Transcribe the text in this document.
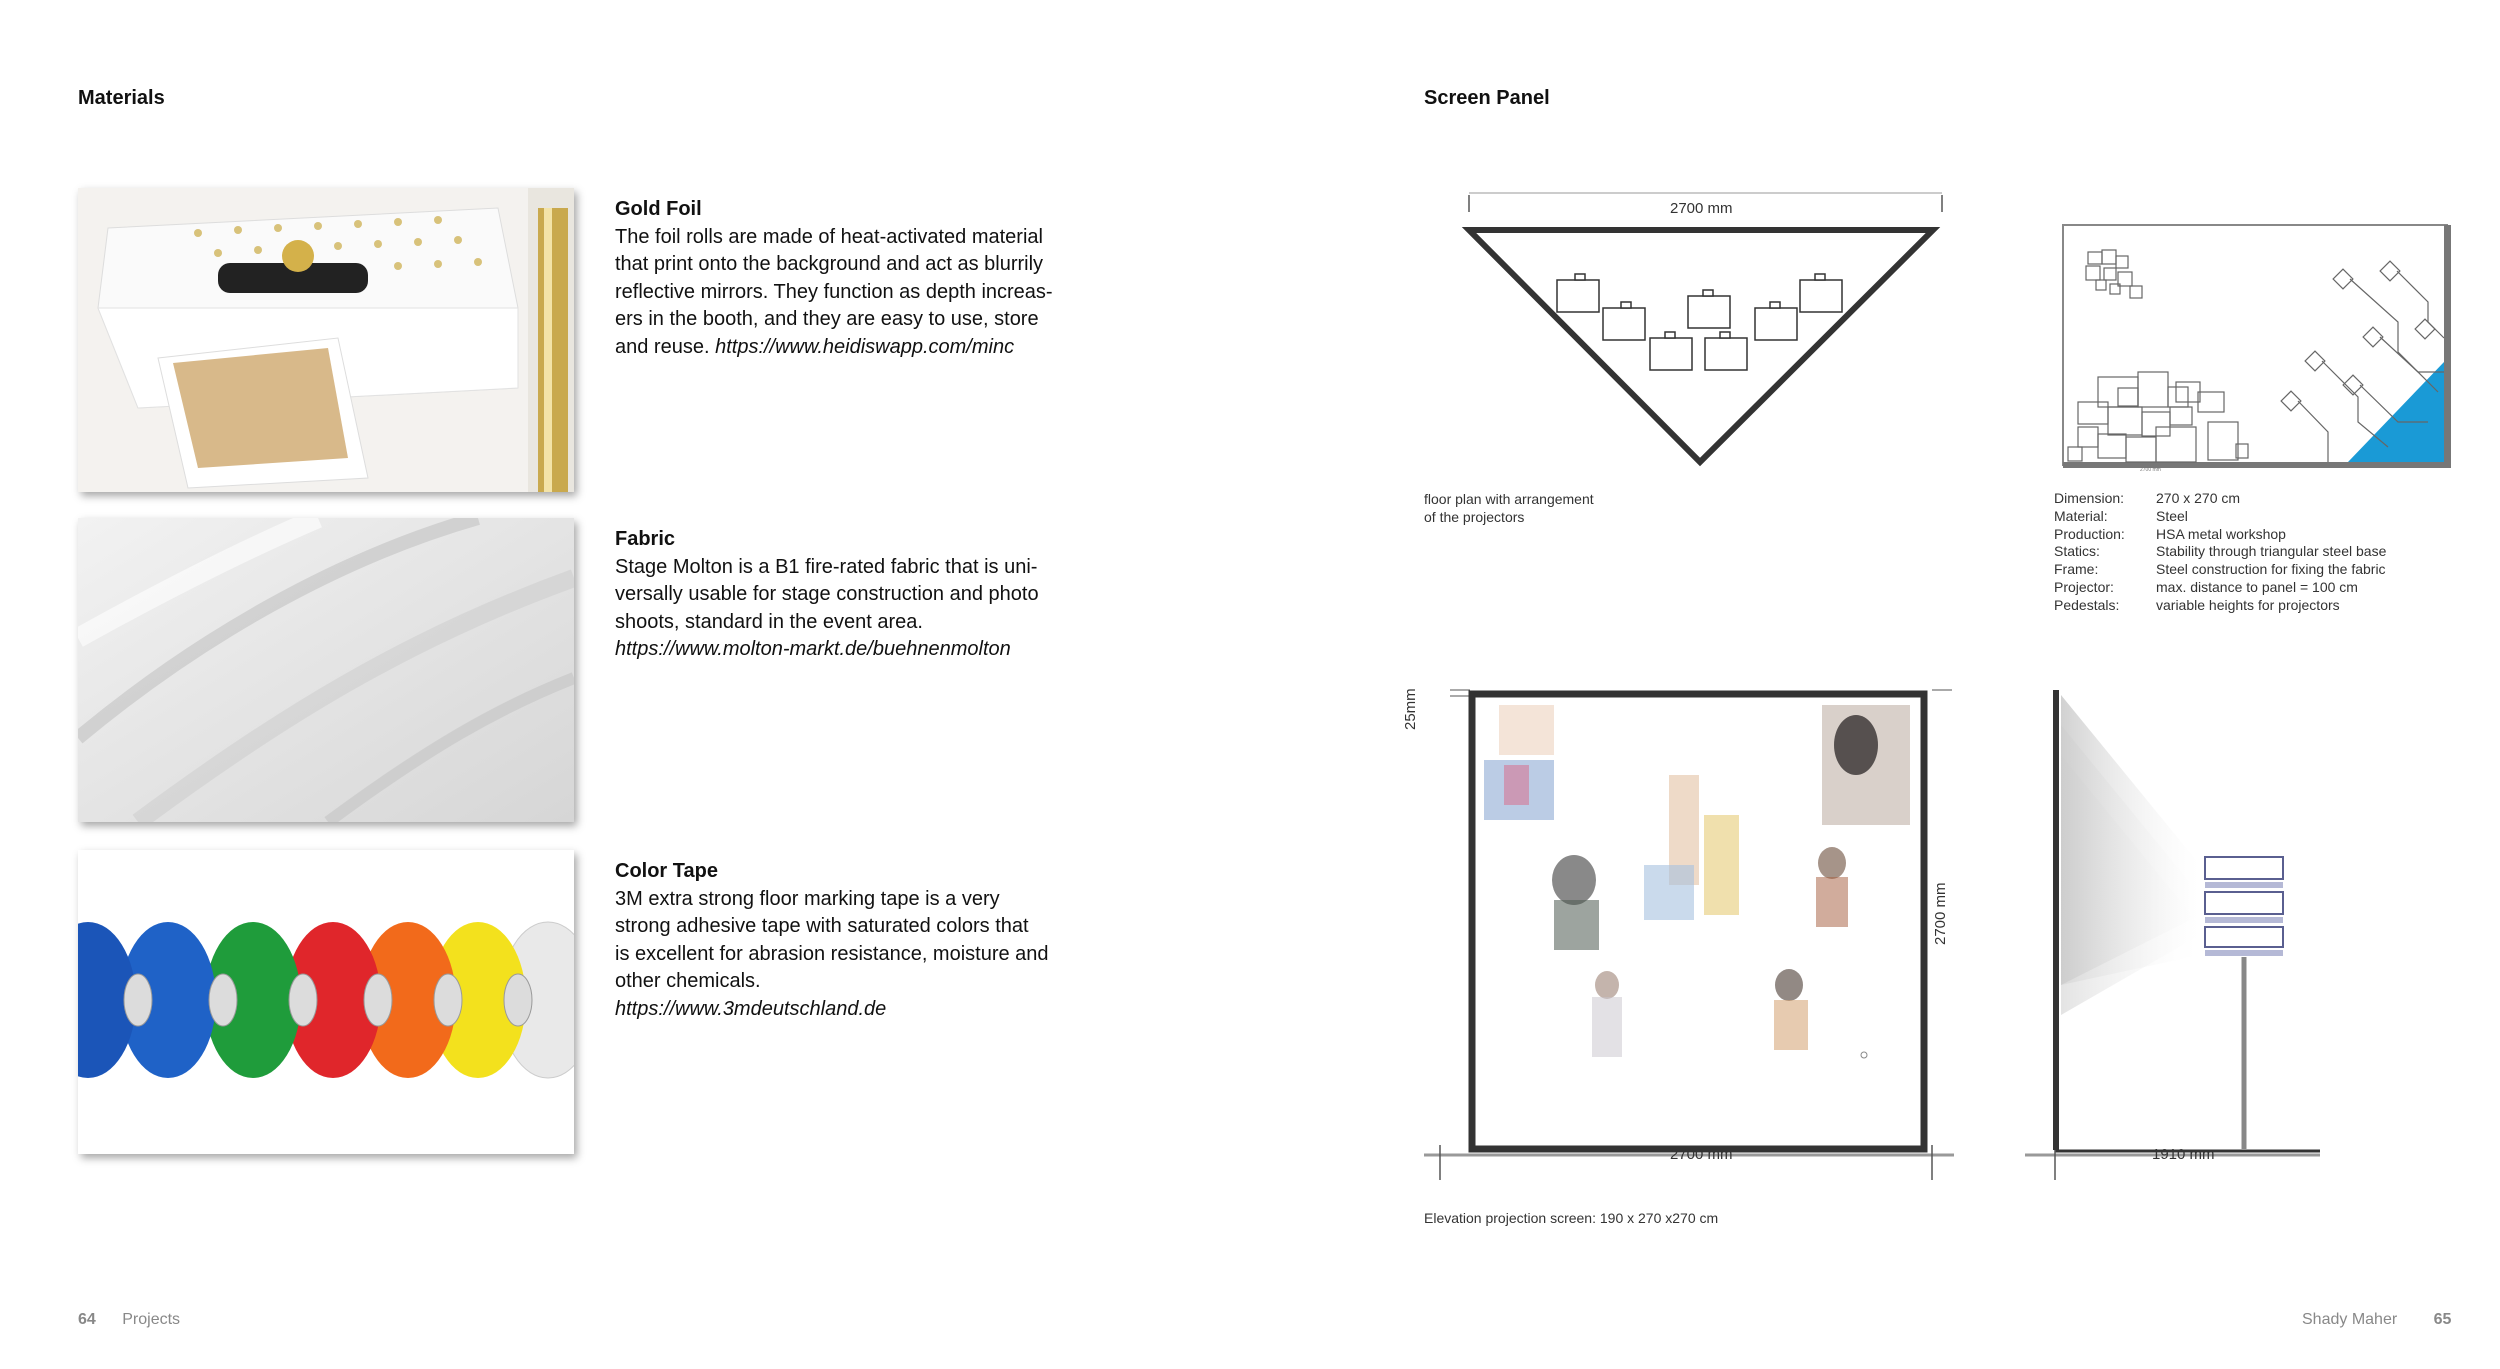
Materials
Gold Foil
The foil rolls are made of heat-activated material
that print onto the background and act as blurrily
reflective mirrors. They function as depth increas-
ers in the booth, and they are easy to use, store
and reuse. https://www.heidiswapp.com/minc
Fabric
Stage Molton is a B1 fire-rated fabric that is uni-
versally usable for stage construction and photo
shoots, standard in the event area.
https://www.molton-markt.de/buehnenmolton
Color Tape
3M extra strong floor marking tape is a very
strong adhesive tape with saturated colors that
is excellent for abrasion resistance, moisture and
other chemicals.
https://www.3mdeutschland.de
64 Projects
Screen Panel
2700 mm
floor plan with arrangement
of the projectors
2700 mm
Dimension:	270 x 270 cm
Material:	Steel
Production:	HSA metal workshop
Statics:	Stability through triangular steel base
Frame:	Steel construction for fixing the fabric
Projector:	max. distance to panel = 100 cm
Pedestals:	variable heights for projectors
25mm
2700 mm
2700 mm
Elevation projection screen: 190 x 270 x270 cm
1910 mm
Shady Maher 65
